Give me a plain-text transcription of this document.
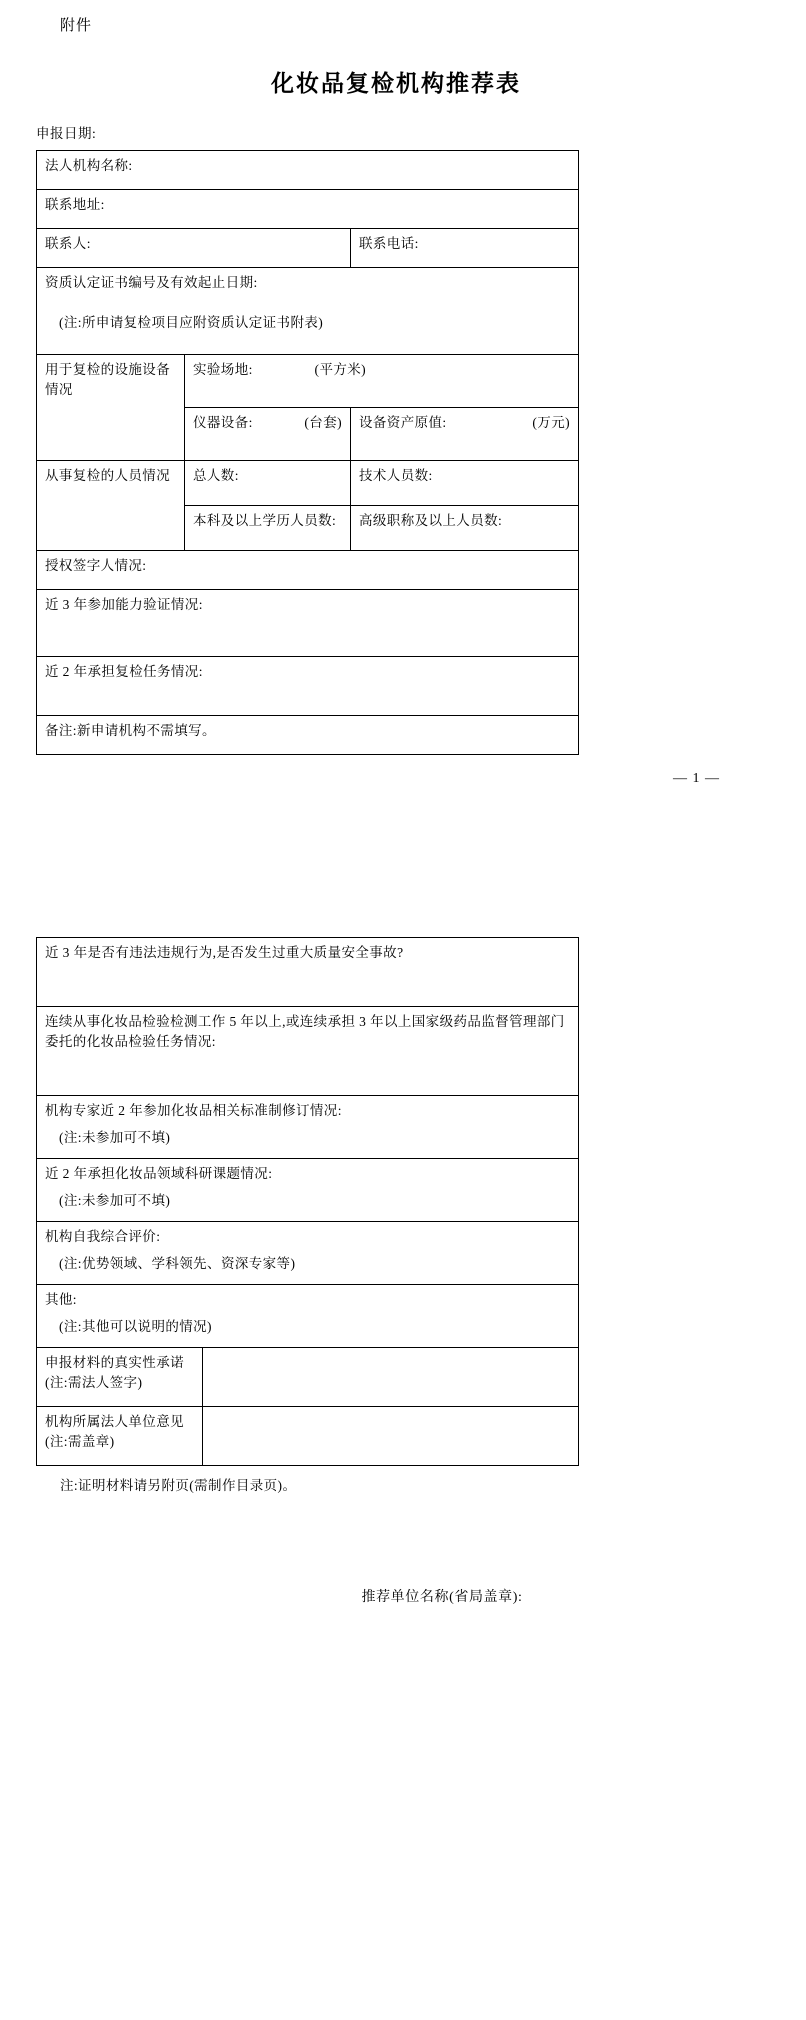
附件
化妆品复检机构推荐表
申报日期:
法人机构名称:		
联系地址:		
联系人:		联系电话:
资质认定证书编号及有效起止日期:
(注:所申请复检项目应附资质认定证书附表)		

用于复检的设施设备情况	实验场地: (平方米)	
	仪器设备: (台套)	设备资产原值: (万元)

从事复检的人员情况	总人数:	技术人员数:
	本科及以上学历人员数:	高级职称及以上人员数:
授权签字人情况:		
近 3 年参加能力验证情况:		
近 2 年承担复检任务情况:		
备注:新申请机构不需填写。		
— 1 —
近 3 年是否有违法违规行为,是否发生过重大质量安全事故?	
连续从事化妆品检验检测工作 5 年以上,或连续承担 3 年以上国家级药品监督管理部门委托的化妆品检验任务情况:	
机构专家近 2 年参加化妆品相关标准制修订情况:
(注:未参加可不填)	

近 2 年承担化妆品领域科研课题情况:
(注:未参加可不填)	

机构自我综合评价:
(注:优势领域、学科领先、资深专家等)	

其他:
(注:其他可以说明的情况)	

申报材料的真实性承诺(注:需法人签字)	
机构所属法人单位意见(注:需盖章)	
注:证明材料请另附页(需制作目录页)。
推荐单位名称(省局盖章):
